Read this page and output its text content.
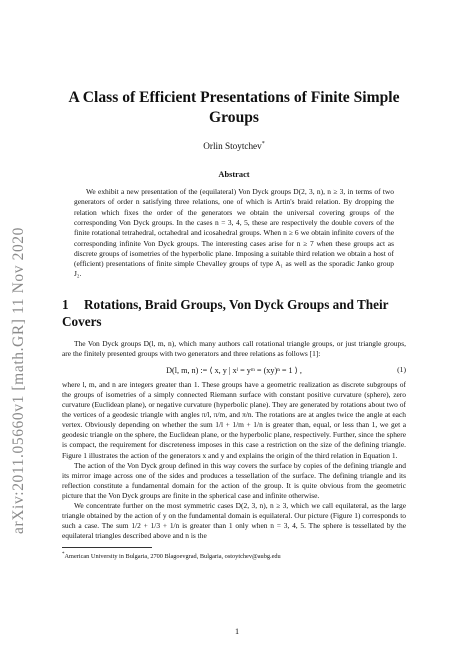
arXiv:2011.05660v1 [math.GR] 11 Nov 2020
A Class of Efficient Presentations of Finite Simple Groups
Orlin Stoytchev*
Abstract

We exhibit a new presentation of the (equilateral) Von Dyck groups D(2, 3, n), n ≥ 3, in terms of two generators of order n satisfying three relations, one of which is Artin's braid relation. By dropping the relation which fixes the order of the generators we obtain the universal covering groups of the corresponding Von Dyck groups. In the cases n = 3, 4, 5, these are respectively the double covers of the finite rotational tetrahedral, octahedral and icosahedral groups. When n ≥ 6 we obtain infinite covers of the corresponding infinite Von Dyck groups. The interesting cases arise for n ≥ 7 when these groups act as discrete groups of isometries of the hyperbolic plane. Imposing a suitable third relation we obtain a host of (efficient) presentations of finite simple Chevalley groups of type A₁ as well as the sporadic Janko group J₂.

1 Rotations, Braid Groups, Von Dyck Groups and Their Covers

The Von Dyck groups D(l, m, n), which many authors call rotational triangle groups, or just triangle groups, are the finitely presented groups with two generators and three relations as follows [1]:

D(l, m, n) := ⟨ x, y | xˡ = yᵐ = (xy)ⁿ = 1 ⟩ ,	(1)

where l, m, and n are integers greater than 1. These groups have a geometric realization as discrete subgroups of the groups of isometries of a simply connected Riemann surface with constant positive curvature (sphere), zero curvature (Euclidean plane), or negative curvature (hyperbolic plane). They are generated by rotations about two of the vertices of a geodesic triangle with angles π/l, π/m, and π/n. The rotations are at angles twice the angle at each vertex. Obviously depending on whether the sum 1/l + 1/m + 1/n is greater than, equal, or less than 1, we get a geodesic triangle on the sphere, the Euclidean plane, or the hyperbolic plane, respectively. Further, since the sphere is compact, the requirement for discreteness imposes in this case a restriction on the size of the defining triangle. Figure 1 illustrates the action of the generators x and y and explains the origin of the third relation in Equation 1.

The action of the Von Dyck group defined in this way covers the surface by copies of the defining triangle and its mirror image across one of the sides and produces a tessellation of the surface. The defining triangle and its reflection constitute a fundamental domain for the action of the group. It is quite obvious from the geometric picture that the Von Dyck groups are finite in the spherical case and infinite otherwise.

We concentrate further on the most symmetric cases D(2, 3, n), n ≥ 3, which we call equilateral, as the large triangle obtained by the action of y on the fundamental domain is equilateral. Our picture (Figure 1) corresponds to such a case. The sum 1/2 + 1/3 + 1/n is greater than 1 only when n = 3, 4, 5. The sphere is tessellated by the equilateral triangles described above and n is the

*American University in Bulgaria, 2700 Blagoevgrad, Bulgaria, ostoytchev@aubg.edu
1
